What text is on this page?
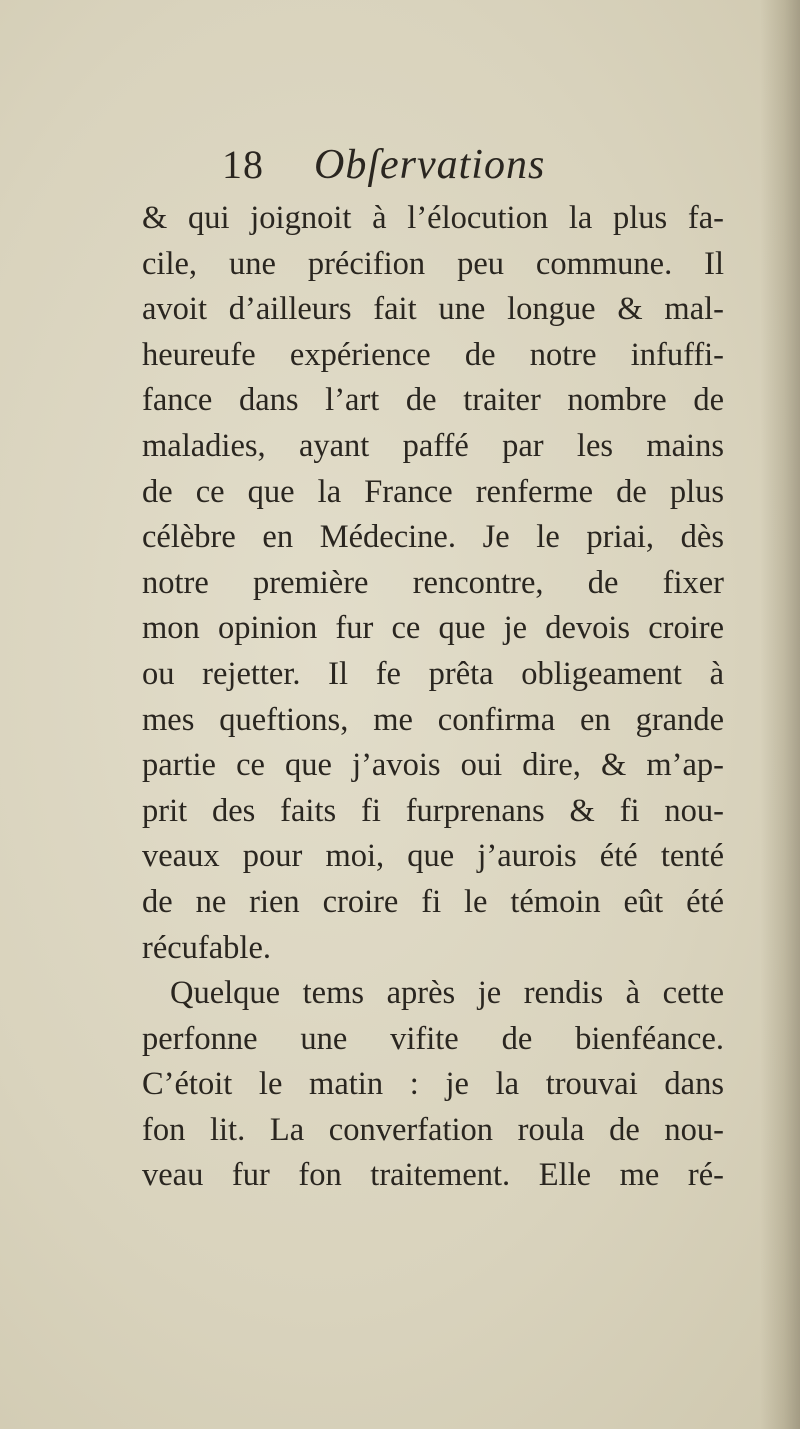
18 Obſervations
& qui joignoit à l’élocution la plus fa-
cile, une précifion peu commune. Il
avoit d’ailleurs fait une longue & mal-
heureufe expérience de notre infuffi-
fance dans l’art de traiter nombre de
maladies, ayant paffé par les mains
de ce que la France renferme de plus
célèbre en Médecine. Je le priai, dès
notre première rencontre, de fixer
mon opinion fur ce que je devois croire
ou rejetter. Il fe prêta obligeament à
mes queftions, me confirma en grande
partie ce que j’avois oui dire, & m’ap-
prit des faits fi furprenans & fi nou-
veaux pour moi, que j’aurois été tenté
de ne rien croire fi le témoin eût été
récufable.
Quelque tems après je rendis à cette
perfonne une vifite de bienféance.
C’étoit le matin : je la trouvai dans
fon lit. La converfation roula de nou-
veau fur fon traitement. Elle me ré-
